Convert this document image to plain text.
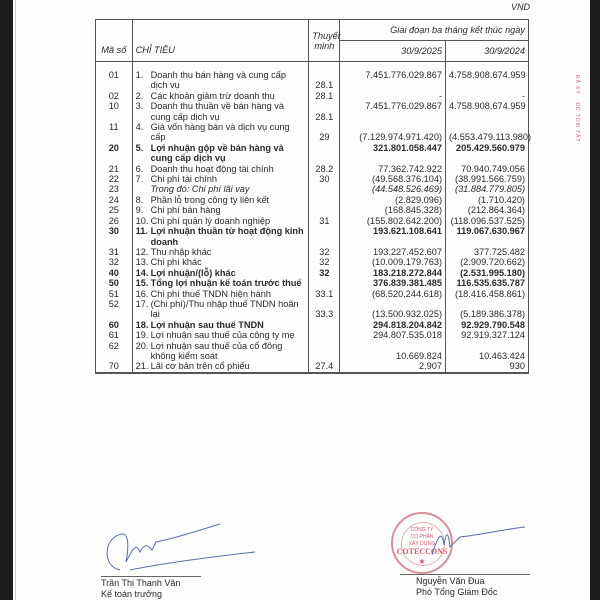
VND
ĐÃ KÝ · ĐỂ TÓM TẮT
Mã số	CHỈ TIÊU	Thuyết minh	Giai đoạn ba tháng kết thúc ngày	
			30/9/2025	30/9/2024

01	1. Doanh thu bán hàng và cung cấp dịch vụ	28.1	7.451.776.029.867	4.758.908.674.959
02	2. Các khoản giảm trừ doanh thu	28.1	-	-
10	3. Doanh thu thuần về bán hàng và cung cấp dịch vụ	28.1	7.451.776.029.867	4.758.908.674.959
11	4. Giá vốn hàng bán và dịch vụ cung cấp	29	(7.129.974.971.420)	(4.553.479.113.980)
20	5. Lợi nhuận gộp về bán hàng và cung cấp dịch vụ		321.801.058.447	205.429.560.979
21	6. Doanh thu hoạt động tài chính	28.2	77.362.742.922	70.940.749.056
22	7. Chi phí tài chính	30	(49.568.376.104)	(38.991.566.759)
23	Trong đó: Chi phí lãi vay		(44.548.526.469)	(31.884.779.805)
24	8. Phần lỗ trong công ty liên kết		(2.829.096)	(1.710.420)
25	9. Chi phí bán hàng		(168.845.328)	(212.864.364)
26	10. Chi phí quản lý doanh nghiệp	31	(155.802.642.200)	(118.096.537.525)
30	11. Lợi nhuận thuần từ hoạt động kinh doanh		193.621.108.641	119.067.630.967
31	12. Thu nhập khác	32	193.227.452.607	377.725.482
32	13. Chi phí khác	32	(10.009.179.763)	(2.909.720.662)
40	14. Lợi nhuận/(lỗ) khác	32	183.218.272.844	(2.531.995.180)
50	15. Tổng lợi nhuận kế toán trước thuế		376.839.381.485	116.535.635.787
51	16. Chi phí thuế TNDN hiện hành	33.1	(68.520.244.618)	(18.416.458.861)
52	17. (Chi phí)/Thu nhập thuế TNDN hoãn lại	33.3	(13.500.932.025)	(5.189.386.378)
60	18. Lợi nhuận sau thuế TNDN		294.818.204.842	92.929.790.548
61	19. Lợi nhuận sau thuế của công ty mẹ		294.807.535.018	92.919.327.124
62	20. Lợi nhuận sau thuế của cổ đông không kiểm soát		10.669.824	10.463.424
70	21. Lãi cơ bản trên cổ phiếu	27.4	2.907	930
Trần Thị Thanh Vân
Kế toán trưởng
CÔNG TY
CỔ PHẦN
XÂY DỰNG
COTECCONS
★
Nguyễn Văn Đua
Phó Tổng Giám Đốc
